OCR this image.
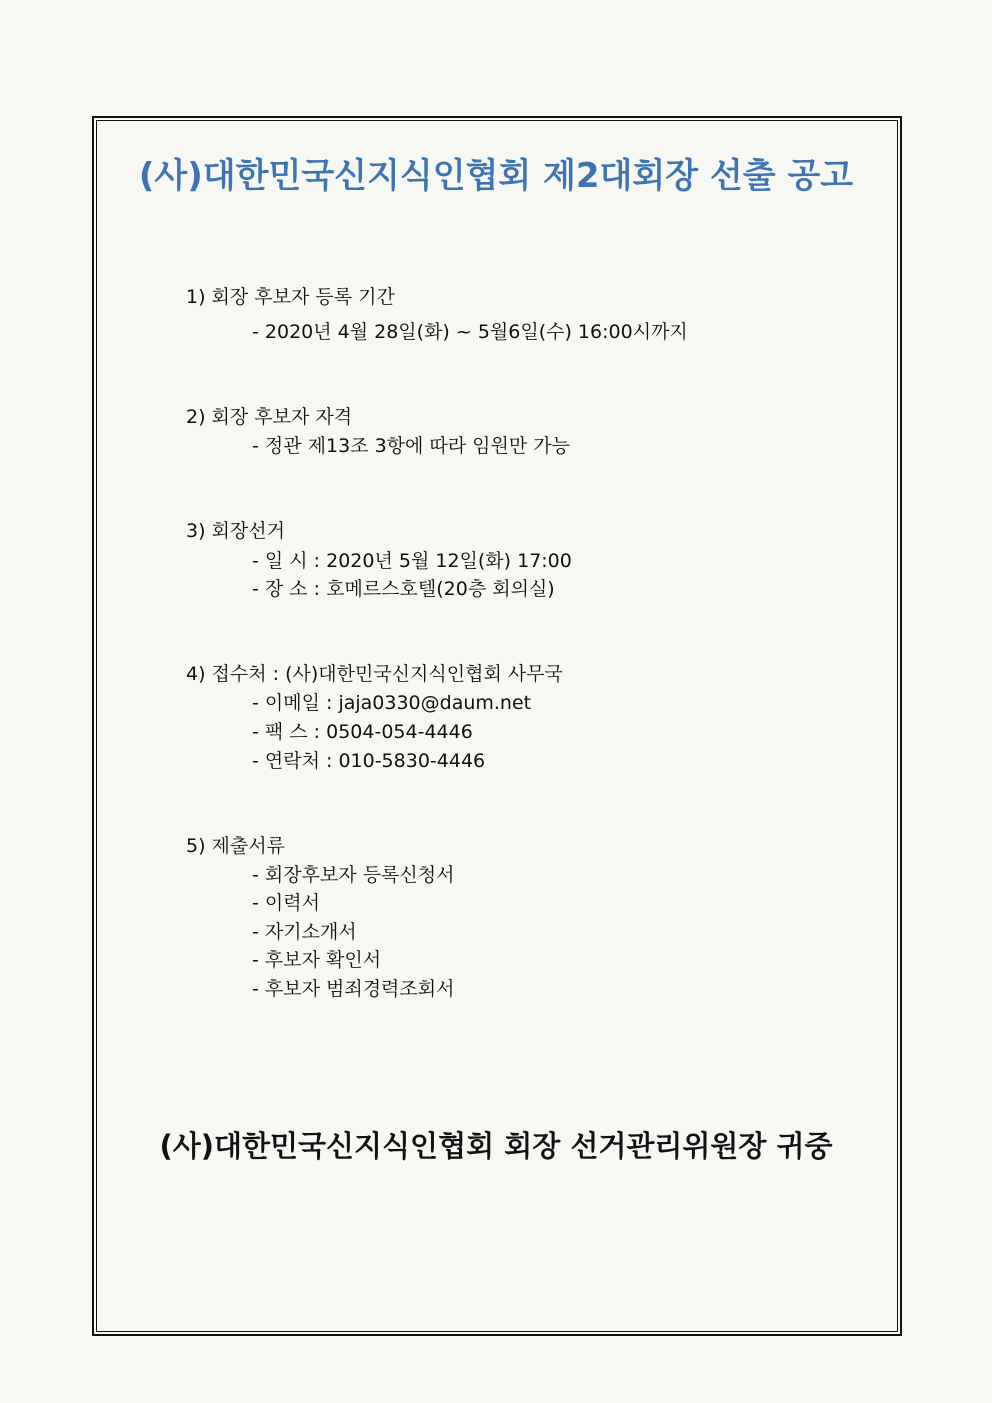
(사)대한민국신지식인협회 제2대회장 선출 공고
1) 회장 후보자 등록 기간
- 2020년 4월 28일(화) ~ 5월6일(수) 16:00시까지
2) 회장 후보자 자격
- 정관 제13조 3항에 따라 임원만 가능
3) 회장선거
- 일 시 : 2020년 5월 12일(화) 17:00
- 장 소 : 호메르스호텔(20층 회의실)
4) 접수처 : (사)대한민국신지식인협회 사무국
- 이메일 : jaja0330@daum.net
- 팩 스 : 0504-054-4446
- 연락처 : 010-5830-4446
5) 제출서류
- 회장후보자 등록신청서
- 이력서
- 자기소개서
- 후보자 확인서
- 후보자 범죄경력조회서
(사)대한민국신지식인협회 회장 선거관리위원장 귀중
